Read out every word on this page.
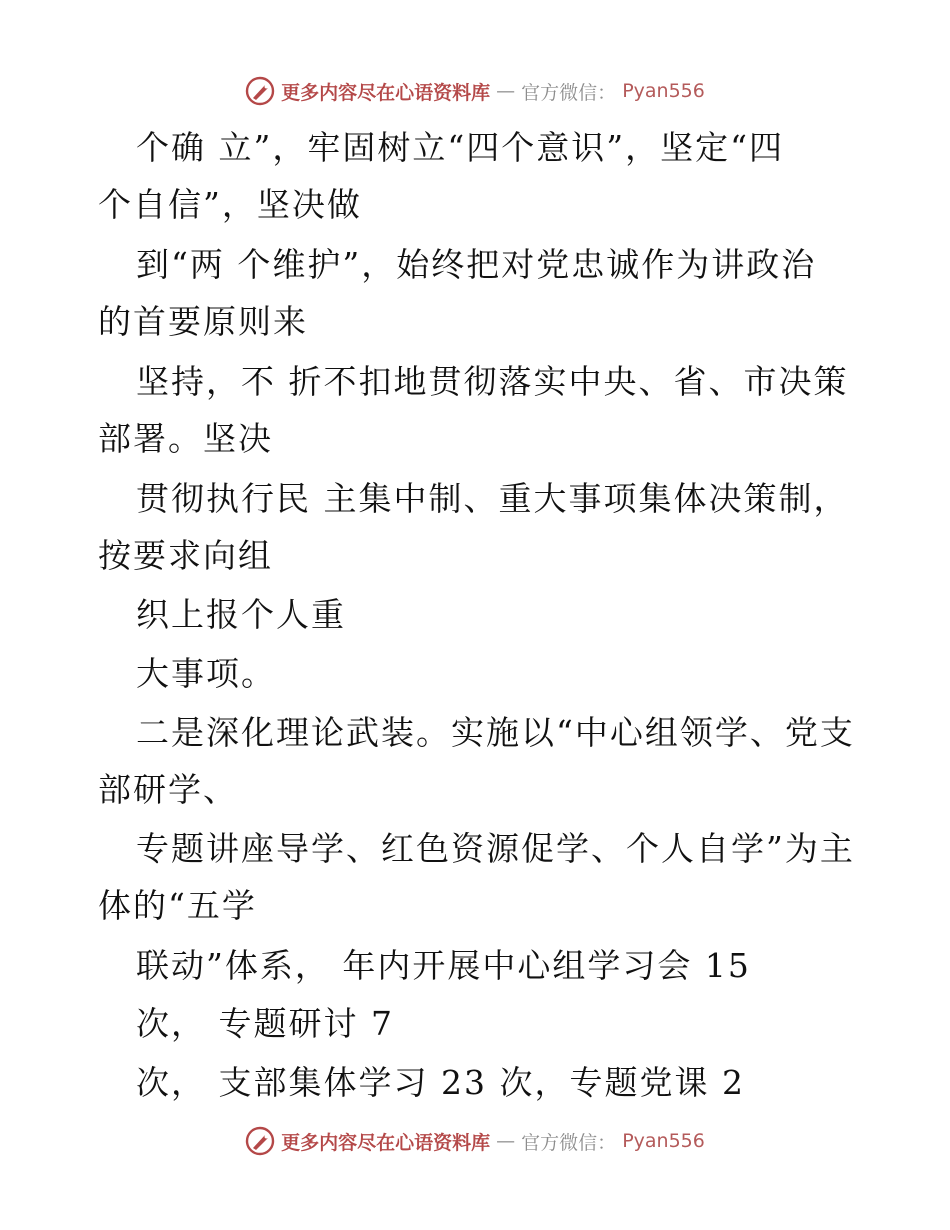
更多内容尽在心语资料库 — 官方微信： Pyan556
个确 立”，牢固树立“四个意识”，坚定“四
个自信”，坚决做
到“两 个维护”，始终把对党忠诚作为讲政治
的首要原则来
坚持，不 折不扣地贯彻落实中央、省、市决策
部署。坚决
贯彻执行民 主集中制、重大事项集体决策制，
按要求向组
织上报个人重
大事项。
二是深化理论武装。实施以“中心组领学、党支
部研学、
专题讲座导学、红色资源促学、个人自学”为主
体的“五学
联动”体系， 年内开展中心组学习会 15
次， 专题研讨 7
次， 支部集体学习 23 次，专题党课 2
更多内容尽在心语资料库 — 官方微信： Pyan556
